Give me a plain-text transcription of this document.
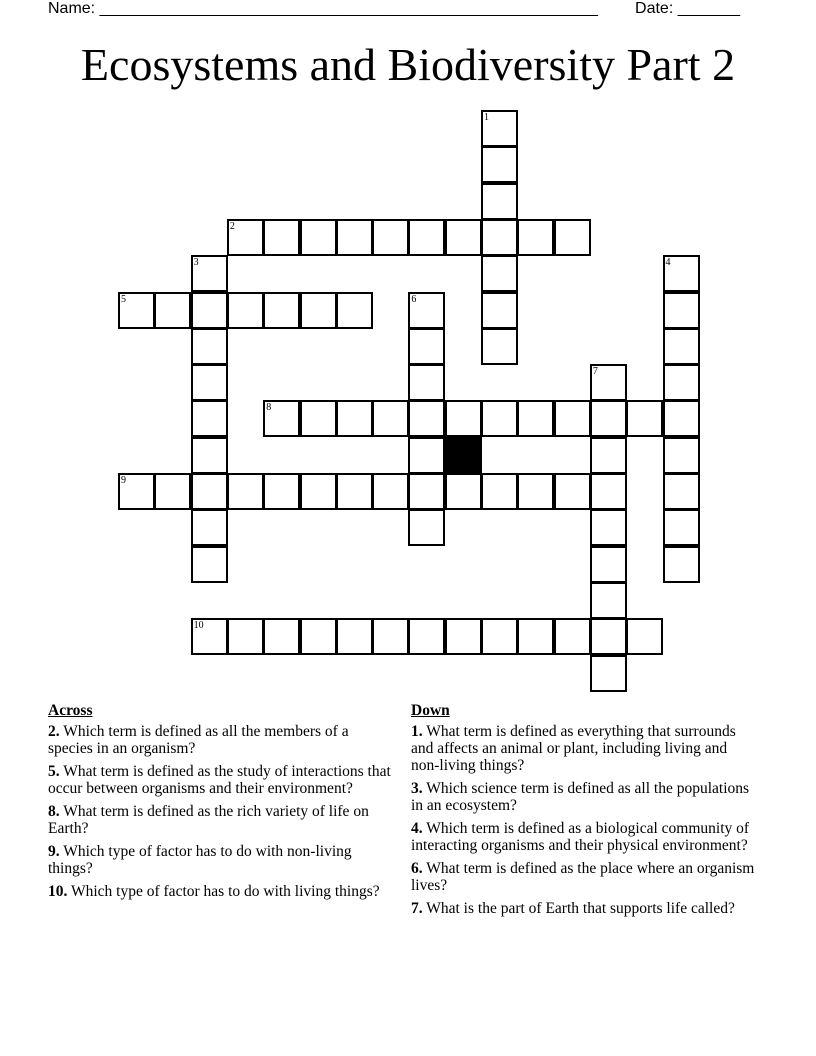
Name: ________________________________________________________ Date: _______
Ecosystems and Biodiversity Part 2
1
2
3	4
5	6
7
8
9
10
Across
2. Which term is defined as all the members of a species in an organism?
5. What term is defined as the study of interactions that occur between organisms and their environment?
8. What term is defined as the rich variety of life on Earth?
9. Which type of factor has to do with non-living things?
10. Which type of factor has to do with living things?
Down
1. What term is defined as everything that surrounds and affects an animal or plant, including living and non-living things?
3. Which science term is defined as all the populations in an ecosystem?
4. Which term is defined as a biological community of interacting organisms and their physical environment?
6. What term is defined as the place where an organism lives?
7. What is the part of Earth that supports life called?
